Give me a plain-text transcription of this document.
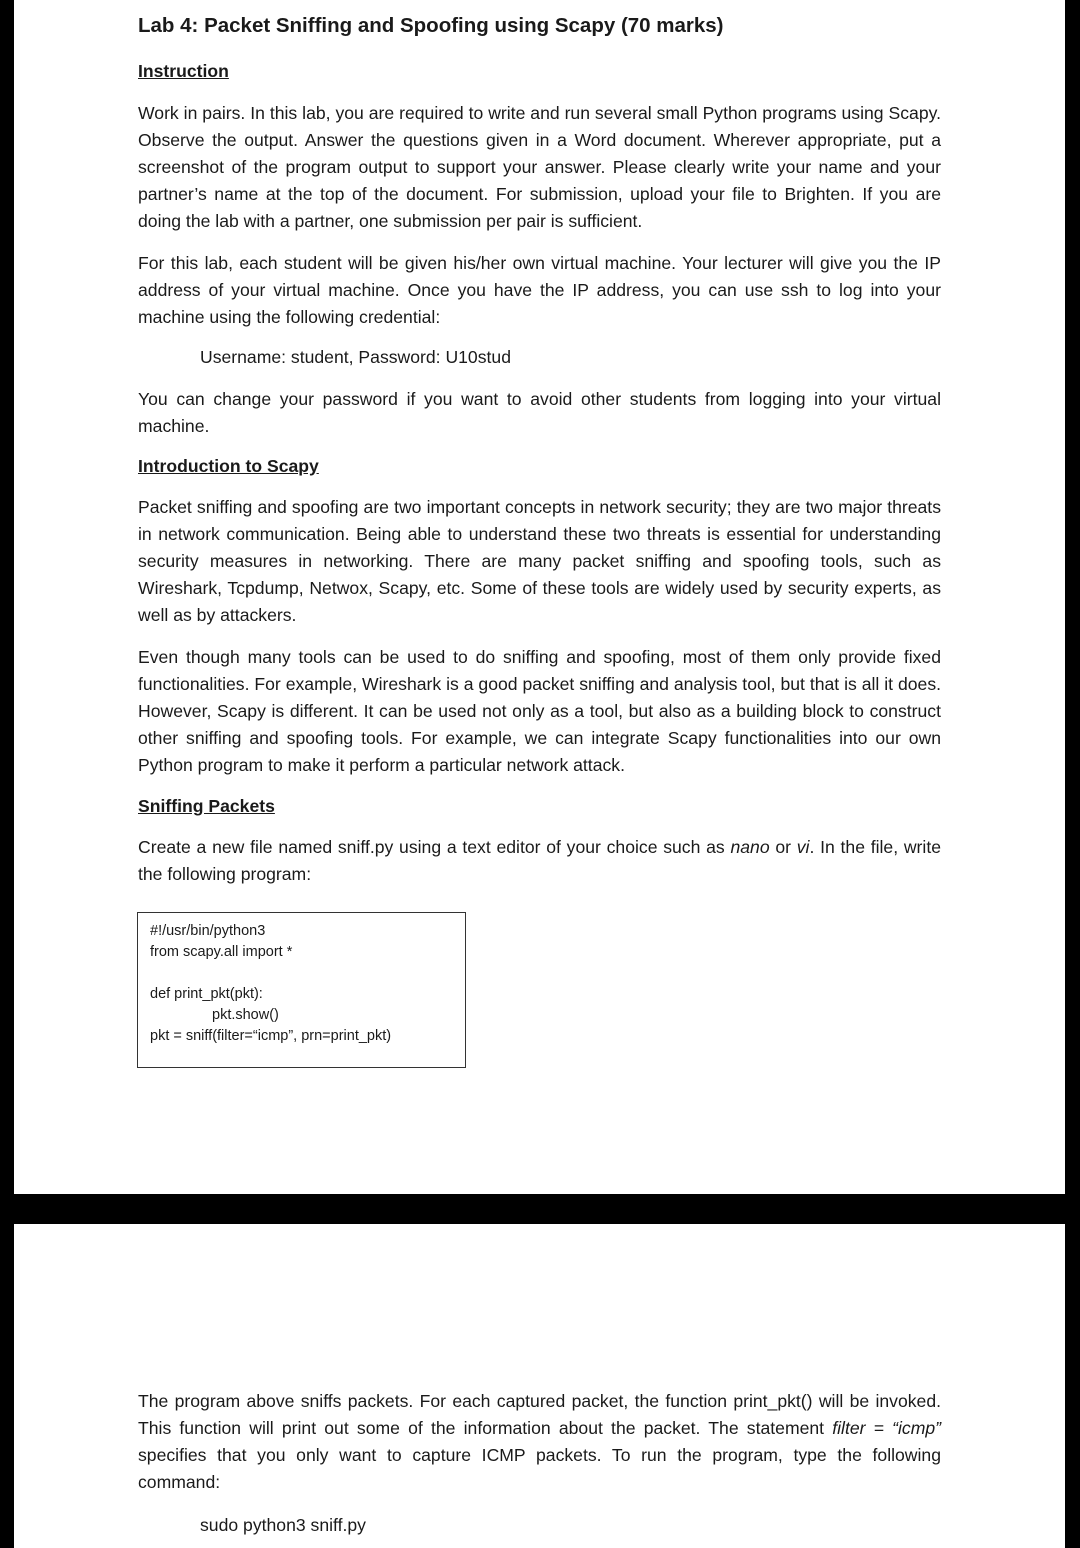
Lab 4: Packet Sniffing and Spoofing using Scapy (70 marks)

Instruction

Work in pairs. In this lab, you are required to write and run several small Python programs using Scapy. Observe the output. Answer the questions given in a Word document. Wherever appropriate, put a screenshot of the program output to support your answer. Please clearly write your name and your partner’s name at the top of the document. For submission, upload your file to Brighten. If you are doing the lab with a partner, one submission per pair is sufficient.

For this lab, each student will be given his/her own virtual machine. Your lecturer will give you the IP address of your virtual machine. Once you have the IP address, you can use ssh to log into your machine using the following credential:

Username: student, Password: U10stud

You can change your password if you want to avoid other students from logging into your virtual machine.

Introduction to Scapy

Packet sniffing and spoofing are two important concepts in network security; they are two major threats in network communication. Being able to understand these two threats is essential for understanding security measures in networking. There are many packet sniffing and spoofing tools, such as Wireshark, Tcpdump, Netwox, Scapy, etc. Some of these tools are widely used by security experts, as well as by attackers.

Even though many tools can be used to do sniffing and spoofing, most of them only provide fixed functionalities. For example, Wireshark is a good packet sniffing and analysis tool, but that is all it does. However, Scapy is different. It can be used not only as a tool, but also as a building block to construct other sniffing and spoofing tools. For example, we can integrate Scapy functionalities into our own Python program to make it perform a particular network attack.

Sniffing Packets

Create a new file named sniff.py using a text editor of your choice such as nano or vi. In the file, write the following program:

#!/usr/bin/python3
from scapy.all import *
def print_pkt(pkt):
pkt.show()
pkt = sniff(filter=“icmp”, prn=print_pkt)

The program above sniffs packets. For each captured packet, the function print_pkt() will be invoked. This function will print out some of the information about the packet. The statement filter = “icmp” specifies that you only want to capture ICMP packets. To run the program, type the following command:

sudo python3 sniff.py
